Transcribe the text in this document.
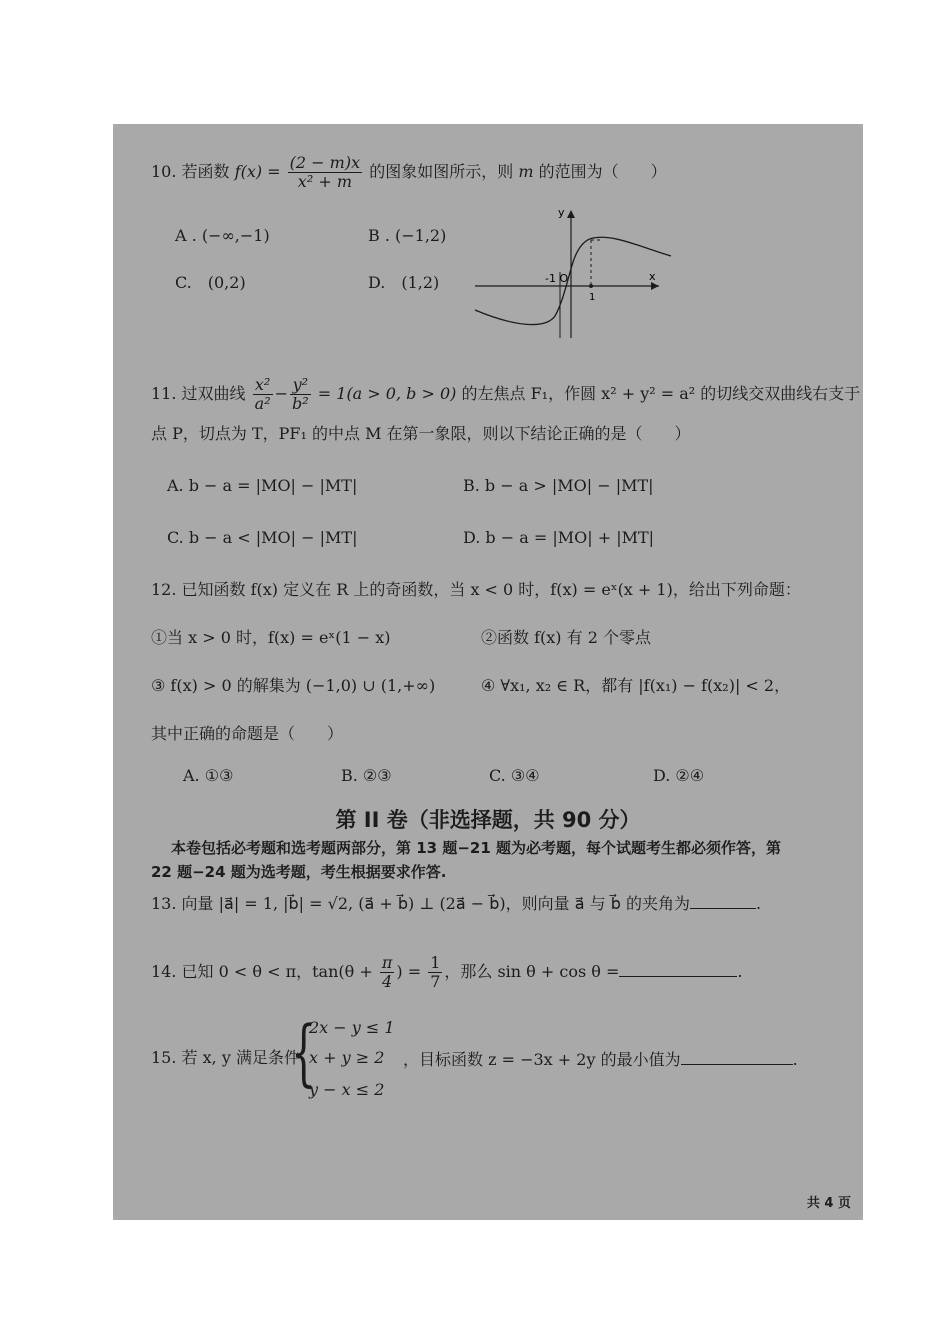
10. 若函数 $f(x) = \frac{(2 - m)x}{\text{x² + m}}$ 的图象如图所示，则 m 的范围为（　　）
A . (−∞,−1)	B . (−1,2)
C.　(0,2)	D.　(1,2)
y
x
-1 O
1
11. 过双曲线 $\frac{\text{x²}}{\text{a²}} - \frac{\text{y²}}{\text{b²}} = 1(a > 0$, b > 0) 的左焦点 F₁，作圆 x² + y² = a² 的切线交双曲线右支于
点 P，切点为 T，PF₁ 的中点 M 在第一象限，则以下结论正确的是（　　）
A. b − a = |MO| − |MT|	B. b − a > |MO| − |MT|
C. b − a < |MO| − |MT|	D. b − a = |MO| + |MT|
12. 已知函数 f(x) 定义在 R 上的奇函数，当 x < 0 时，f(x) = eˣ(x + 1)，给出下列命题：
①当 x > 0 时，f(x) = eˣ(1 − x)	②函数 f(x) 有 2 个零点
③ f(x) > 0 的解集为 (−1,0) ∪ (1,+∞)	④ ∀x₁, x₂ ∈ R，都有 |f(x₁) − f(x₂)| < 2，
其中正确的命题是（　　）
A. ①③	B. ②③	C. ③④	D. ②④
第 II 卷（非选择题，共 90 分）
本卷包括必考题和选考题两部分，第 13 题−21 题为必考题，每个试题考生都必须作答，第
22 题−24 题为选考题，考生根据要求作答.
13. 向量 |a⃗| = 1, |b⃗| = √2, (a⃗ + b⃗) ⊥ (2a⃗ − b⃗)，则向量 a⃗ 与 b⃗ 的夹角为	.
14. 已知 0 < θ < π，$\tan(\theta + \frac{\pi}{4}$ ) = $\frac{1}{7}$ ，那么 sin θ + cos θ =	.
15. 若 x, y 满足条件
{
2x − y ≤ 1
x + y ≥ 2
y − x ≤ 2
，目标函数 z = −3x + 2y 的最小值为	.
共 4 页
